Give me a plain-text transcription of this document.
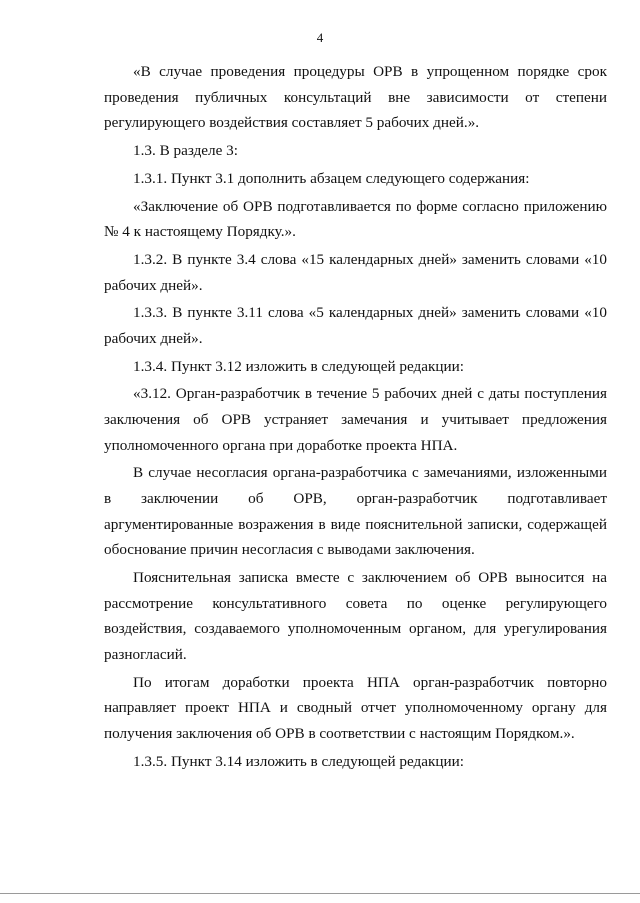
4

«В случае проведения процедуры ОРВ в упрощенном порядке срок проведения публичных консультаций вне зависимости от степени регулирующего воздействия составляет 5 рабочих дней.».

1.3. В разделе 3:

1.3.1. Пункт 3.1 дополнить абзацем следующего содержания:

«Заключение об ОРВ подготавливается по форме согласно приложению № 4 к настоящему Порядку.».

1.3.2. В пункте 3.4 слова «15 календарных дней» заменить словами «10 рабочих дней».

1.3.3. В пункте 3.11 слова «5 календарных дней» заменить словами «10 рабочих дней».

1.3.4. Пункт 3.12 изложить в следующей редакции:

«3.12. Орган-разработчик в течение 5 рабочих дней с даты поступления заключения об ОРВ устраняет замечания и учитывает предложения уполномоченного органа при доработке проекта НПА.

В случае несогласия органа-разработчика с замечаниями, изложенными в заключении об ОРВ, орган-разработчик подготавливает аргументированные возражения в виде пояснительной записки, содержащей обоснование причин несогласия с выводами заключения.

Пояснительная записка вместе с заключением об ОРВ выносится на рассмотрение консультативного совета по оценке регулирующего воздействия, создаваемого уполномоченным органом, для урегулирования разногласий.

По итогам доработки проекта НПА орган-разработчик повторно направляет проект НПА и сводный отчет уполномоченному органу для получения заключения об ОРВ в соответствии с настоящим Порядком.».

1.3.5. Пункт 3.14 изложить в следующей редакции:
